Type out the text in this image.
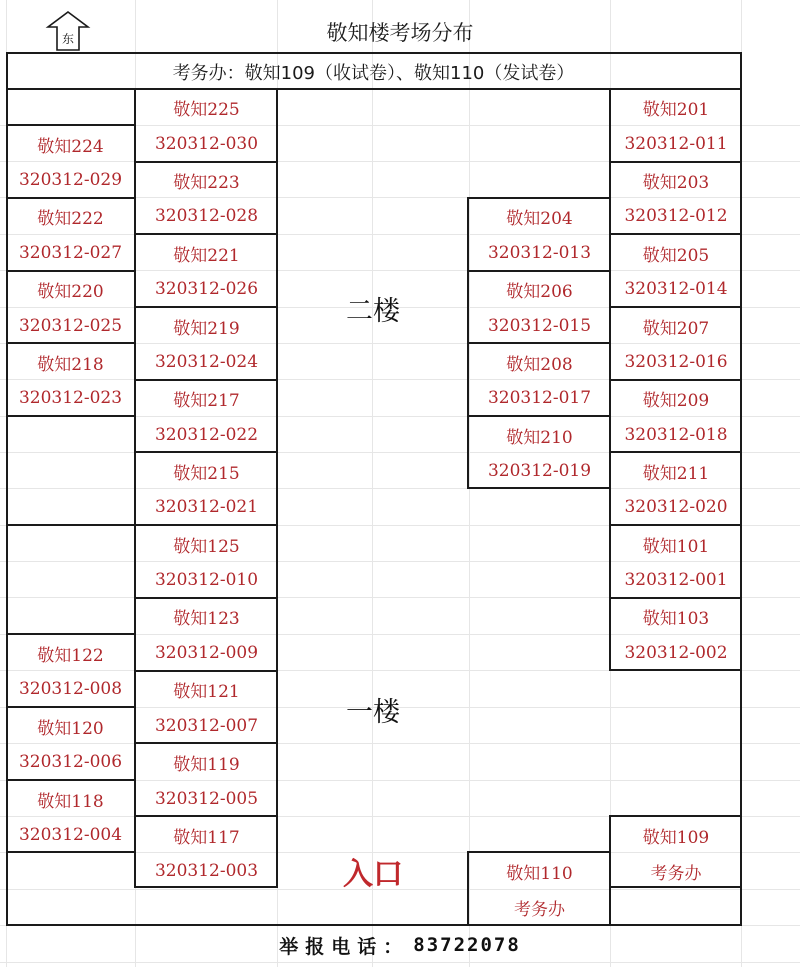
东	敬知楼考场分布
考务办：敬知109（收试卷）、敬知110（发试卷）
敬知224
320312-029
敬知222
320312-027
敬知220
320312-025
敬知218
320312-023
敬知122
320312-008
敬知120
320312-006
敬知118
320312-004
敬知225
320312-030
敬知223
320312-028
敬知221
320312-026
敬知219
320312-024
敬知217
320312-022
敬知215
320312-021
敬知125
320312-010
敬知123
320312-009
敬知121
320312-007
敬知119
320312-005
敬知117
320312-003
敬知204
320312-013
敬知206
320312-015
敬知208
320312-017
敬知210
320312-019
敬知110
考务办
敬知201
320312-011
敬知203
320312-012
敬知205
320312-014
敬知207
320312-016
敬知209
320312-018
敬知211
320312-020
敬知101
320312-001
敬知103
320312-002
敬知109
考务办
二楼
一楼
入口
举报电话： 83722078
